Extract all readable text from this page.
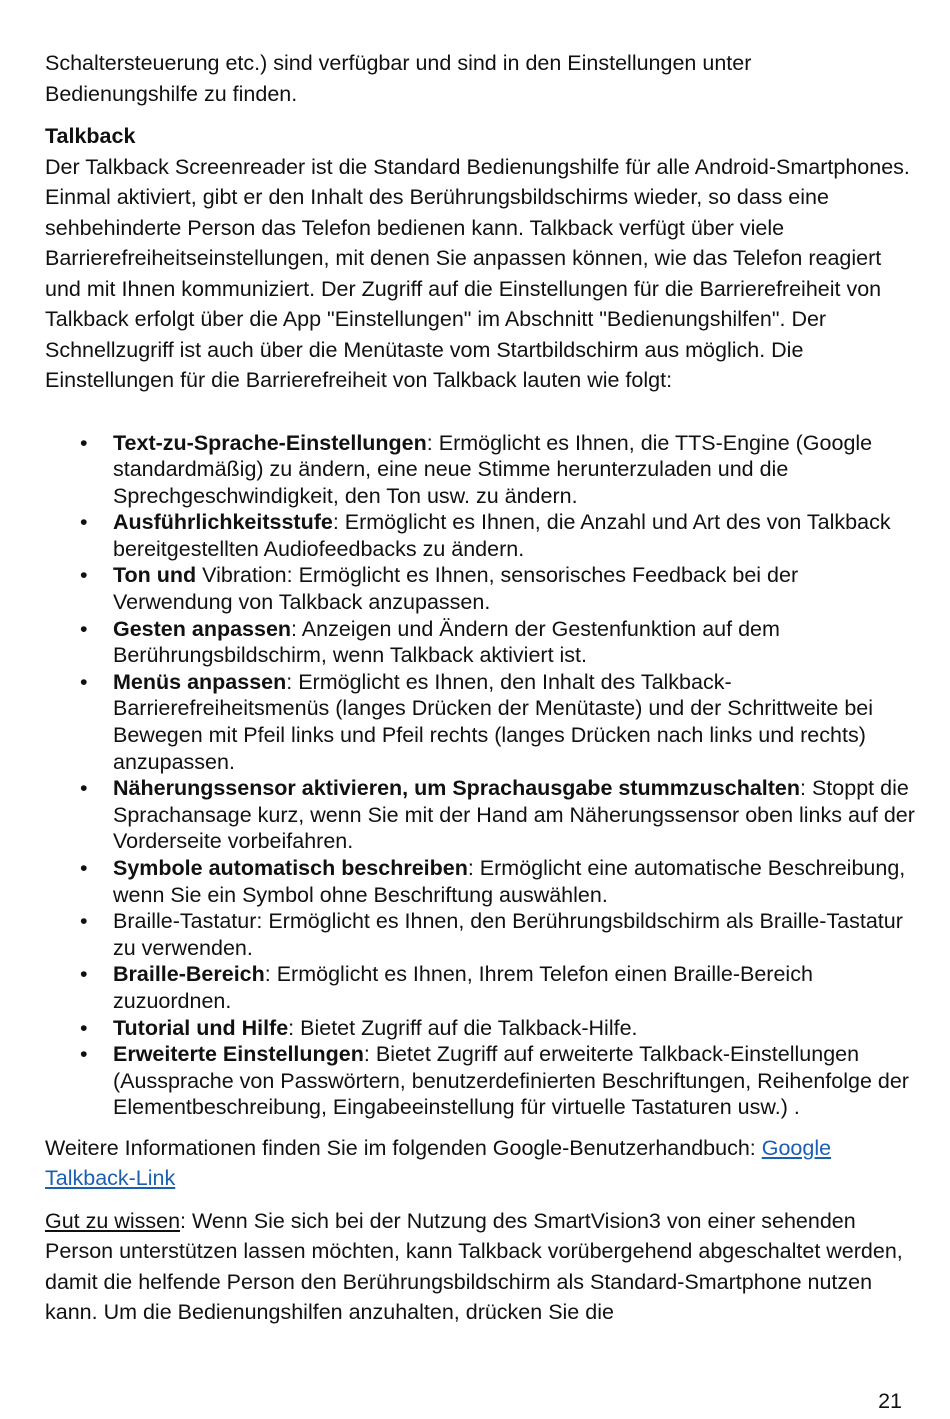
Schaltersteuerung etc.) sind verfügbar und sind in den Einstellungen unter
Bedienungshilfe zu finden.
Talkback

Der Talkback Screenreader ist die Standard Bedienungshilfe für alle Android-Smartphones. Einmal aktiviert, gibt er den Inhalt des Berührungsbildschirms wieder, so dass eine sehbehinderte Person das Telefon bedienen kann. Talkback verfügt über viele Barrierefreiheitseinstellungen, mit denen Sie anpassen können, wie das Telefon reagiert und mit Ihnen kommuniziert. Der Zugriff auf die Einstellungen für die Barrierefreiheit von Talkback erfolgt über die App "Einstellungen" im Abschnitt "Bedienungshilfen". Der Schnellzugriff ist auch über die Menütaste vom Startbildschirm aus möglich. Die Einstellungen für die Barrierefreiheit von Talkback lauten wie folgt:

• Text-zu-Sprache-Einstellungen: Ermöglicht es Ihnen, die TTS-Engine (Google standardmäßig) zu ändern, eine neue Stimme herunterzuladen und die Sprechgeschwindigkeit, den Ton usw. zu ändern.
• Ausführlichkeitsstufe: Ermöglicht es Ihnen, die Anzahl und Art des von Talkback bereitgestellten Audiofeedbacks zu ändern.
• Ton und Vibration: Ermöglicht es Ihnen, sensorisches Feedback bei der Verwendung von Talkback anzupassen.
• Gesten anpassen: Anzeigen und Ändern der Gestenfunktion auf dem Berührungsbildschirm, wenn Talkback aktiviert ist.
• Menüs anpassen: Ermöglicht es Ihnen, den Inhalt des Talkback-Barrierefreiheitsmenüs (langes Drücken der Menütaste) und der Schrittweite bei Bewegen mit Pfeil links und Pfeil rechts (langes Drücken nach links und rechts) anzupassen.
• Näherungssensor aktivieren, um Sprachausgabe stummzuschalten: Stoppt die Sprachansage kurz, wenn Sie mit der Hand am Näherungssensor oben links auf der Vorderseite vorbeifahren.
• Symbole automatisch beschreiben: Ermöglicht eine automatische Beschreibung, wenn Sie ein Symbol ohne Beschriftung auswählen.
• Braille-Tastatur: Ermöglicht es Ihnen, den Berührungsbildschirm als Braille-Tastatur zu verwenden.
• Braille-Bereich: Ermöglicht es Ihnen, Ihrem Telefon einen Braille-Bereich zuzuordnen.
• Tutorial und Hilfe: Bietet Zugriff auf die Talkback-Hilfe.
• Erweiterte Einstellungen: Bietet Zugriff auf erweiterte Talkback-Einstellungen (Aussprache von Passwörtern, benutzerdefinierten Beschriftungen, Reihenfolge der Elementbeschreibung, Eingabeeinstellung für virtuelle Tastaturen usw.) .

Weitere Informationen finden Sie im folgenden Google-Benutzerhandbuch: Google Talkback-Link

Gut zu wissen: Wenn Sie sich bei der Nutzung des SmartVision3 von einer sehenden Person unterstützen lassen möchten, kann Talkback vorübergehend abgeschaltet werden, damit die helfende Person den Berührungsbildschirm als Standard-Smartphone nutzen kann. Um die Bedienungshilfen anzuhalten, drücken Sie die

21
